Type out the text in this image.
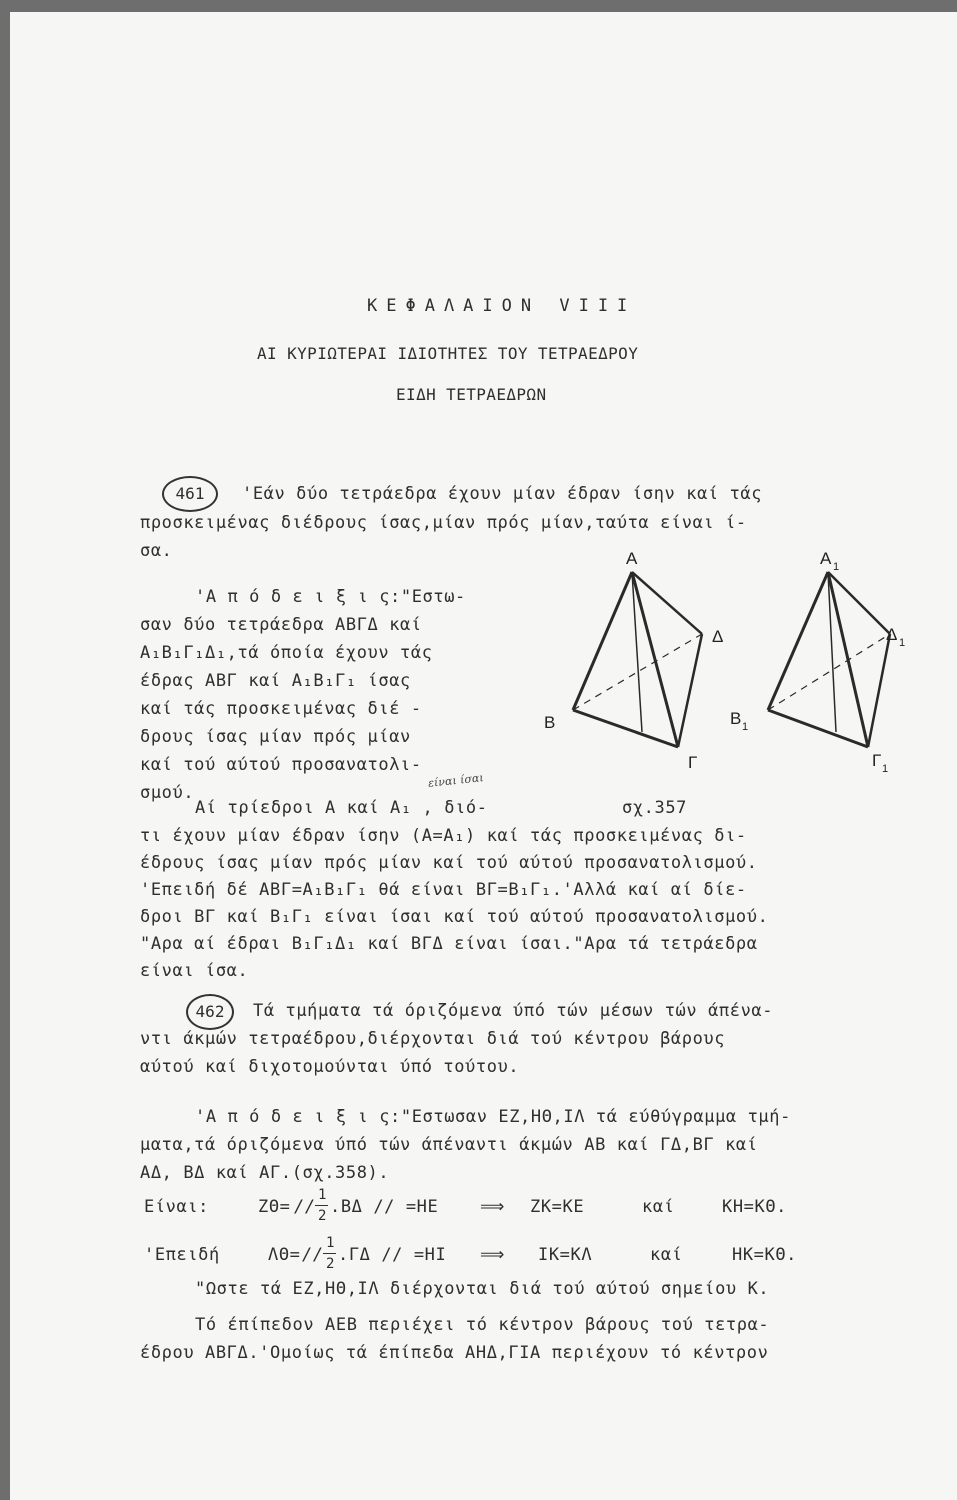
ΚΕΦΑΛΑΙΟΝ VIII
ΑΙ ΚΥΡΙΩΤΕΡΑΙ ΙΔΙΟΤΗΤΕΣ ΤΟΥ ΤΕΤΡΑΕΔΡΟΥ
ΕΙΔΗ ΤΕΤΡΑΕΔΡΩΝ
461	'Εάν δύο τετράεδρα έχουν μίαν έδραν ίσην καί τάς
προσκειμένας διέδρους ίσας,μίαν πρός μίαν,ταύτα είναι ί-
σα.
'Α π ό δ ε ι ξ ι ς:"Εστω-
σαν δύο τετράεδρα ΑΒΓΔ καί
Α₁Β₁Γ₁Δ₁,τά όποία έχουν τάς
έδρας ΑΒΓ καί Α₁Β₁Γ₁ ίσας
καί τάς προσκειμένας διέ -
δρους ίσας μίαν πρός μίαν
καί τού αύτού προσανατολι-
σμού.
είναι ίσαι
Αί τρίεδροι Α καί Α₁ , διό-	σχ.357
τι έχουν μίαν έδραν ίσην (Α=Α₁) καί τάς προσκειμένας δι-
έδρους ίσας μίαν πρός μίαν καί τού αύτού προσανατολισμού.
'Επειδή δέ ΑΒΓ=Α₁Β₁Γ₁ θά είναι ΒΓ=Β₁Γ₁.'Αλλά καί αί δίε-
δροι ΒΓ καί Β₁Γ₁ είναι ίσαι καί τού αύτού προσανατολισμού.
"Αρα αί έδραι Β₁Γ₁Δ₁ καί ΒΓΔ είναι ίσαι."Αρα τά τετράεδρα
είναι ίσα.
A
Δ
B
Γ
A 1
Δ 1
B 1
Γ 1
462	Τά τμήματα τά όριζόμενα ύπό τών μέσων τών άπένα-
ντι άκμών τετραέδρου,διέρχονται διά τού κέντρου βάρους
αύτού καί διχοτομούνται ύπό τούτου.
'Α π ό δ ε ι ξ ι ς:"Εστωσαν ΕΖ,ΗΘ,ΙΛ τά εύθύγραμμα τμή-
ματα,τά όριζόμενα ύπό τών άπέναντι άκμών ΑΒ καί ΓΔ,ΒΓ καί
ΑΔ, ΒΔ καί ΑΓ.(σχ.358).
Είναι:	ΖΘ= //
1
2 .ΒΔ // =ΗΕ ⟹ ΖΚ=ΚΕ	καί	ΚΗ=ΚΘ.
'Επειδή	ΛΘ= //
1
2 .ΓΔ // =ΗΙ ⟹ ΙΚ=ΚΛ	καί	ΗΚ=ΚΘ.
"Ωστε τά ΕΖ,ΗΘ,ΙΛ διέρχονται διά τού αύτού σημείου Κ.
Τό έπίπεδον ΑΕΒ περιέχει τό κέντρον βάρους τού τετρα-
έδρου ΑΒΓΔ.'Ομοίως τά έπίπεδα ΑΗΔ,ΓΙΑ περιέχουν τό κέντρον
